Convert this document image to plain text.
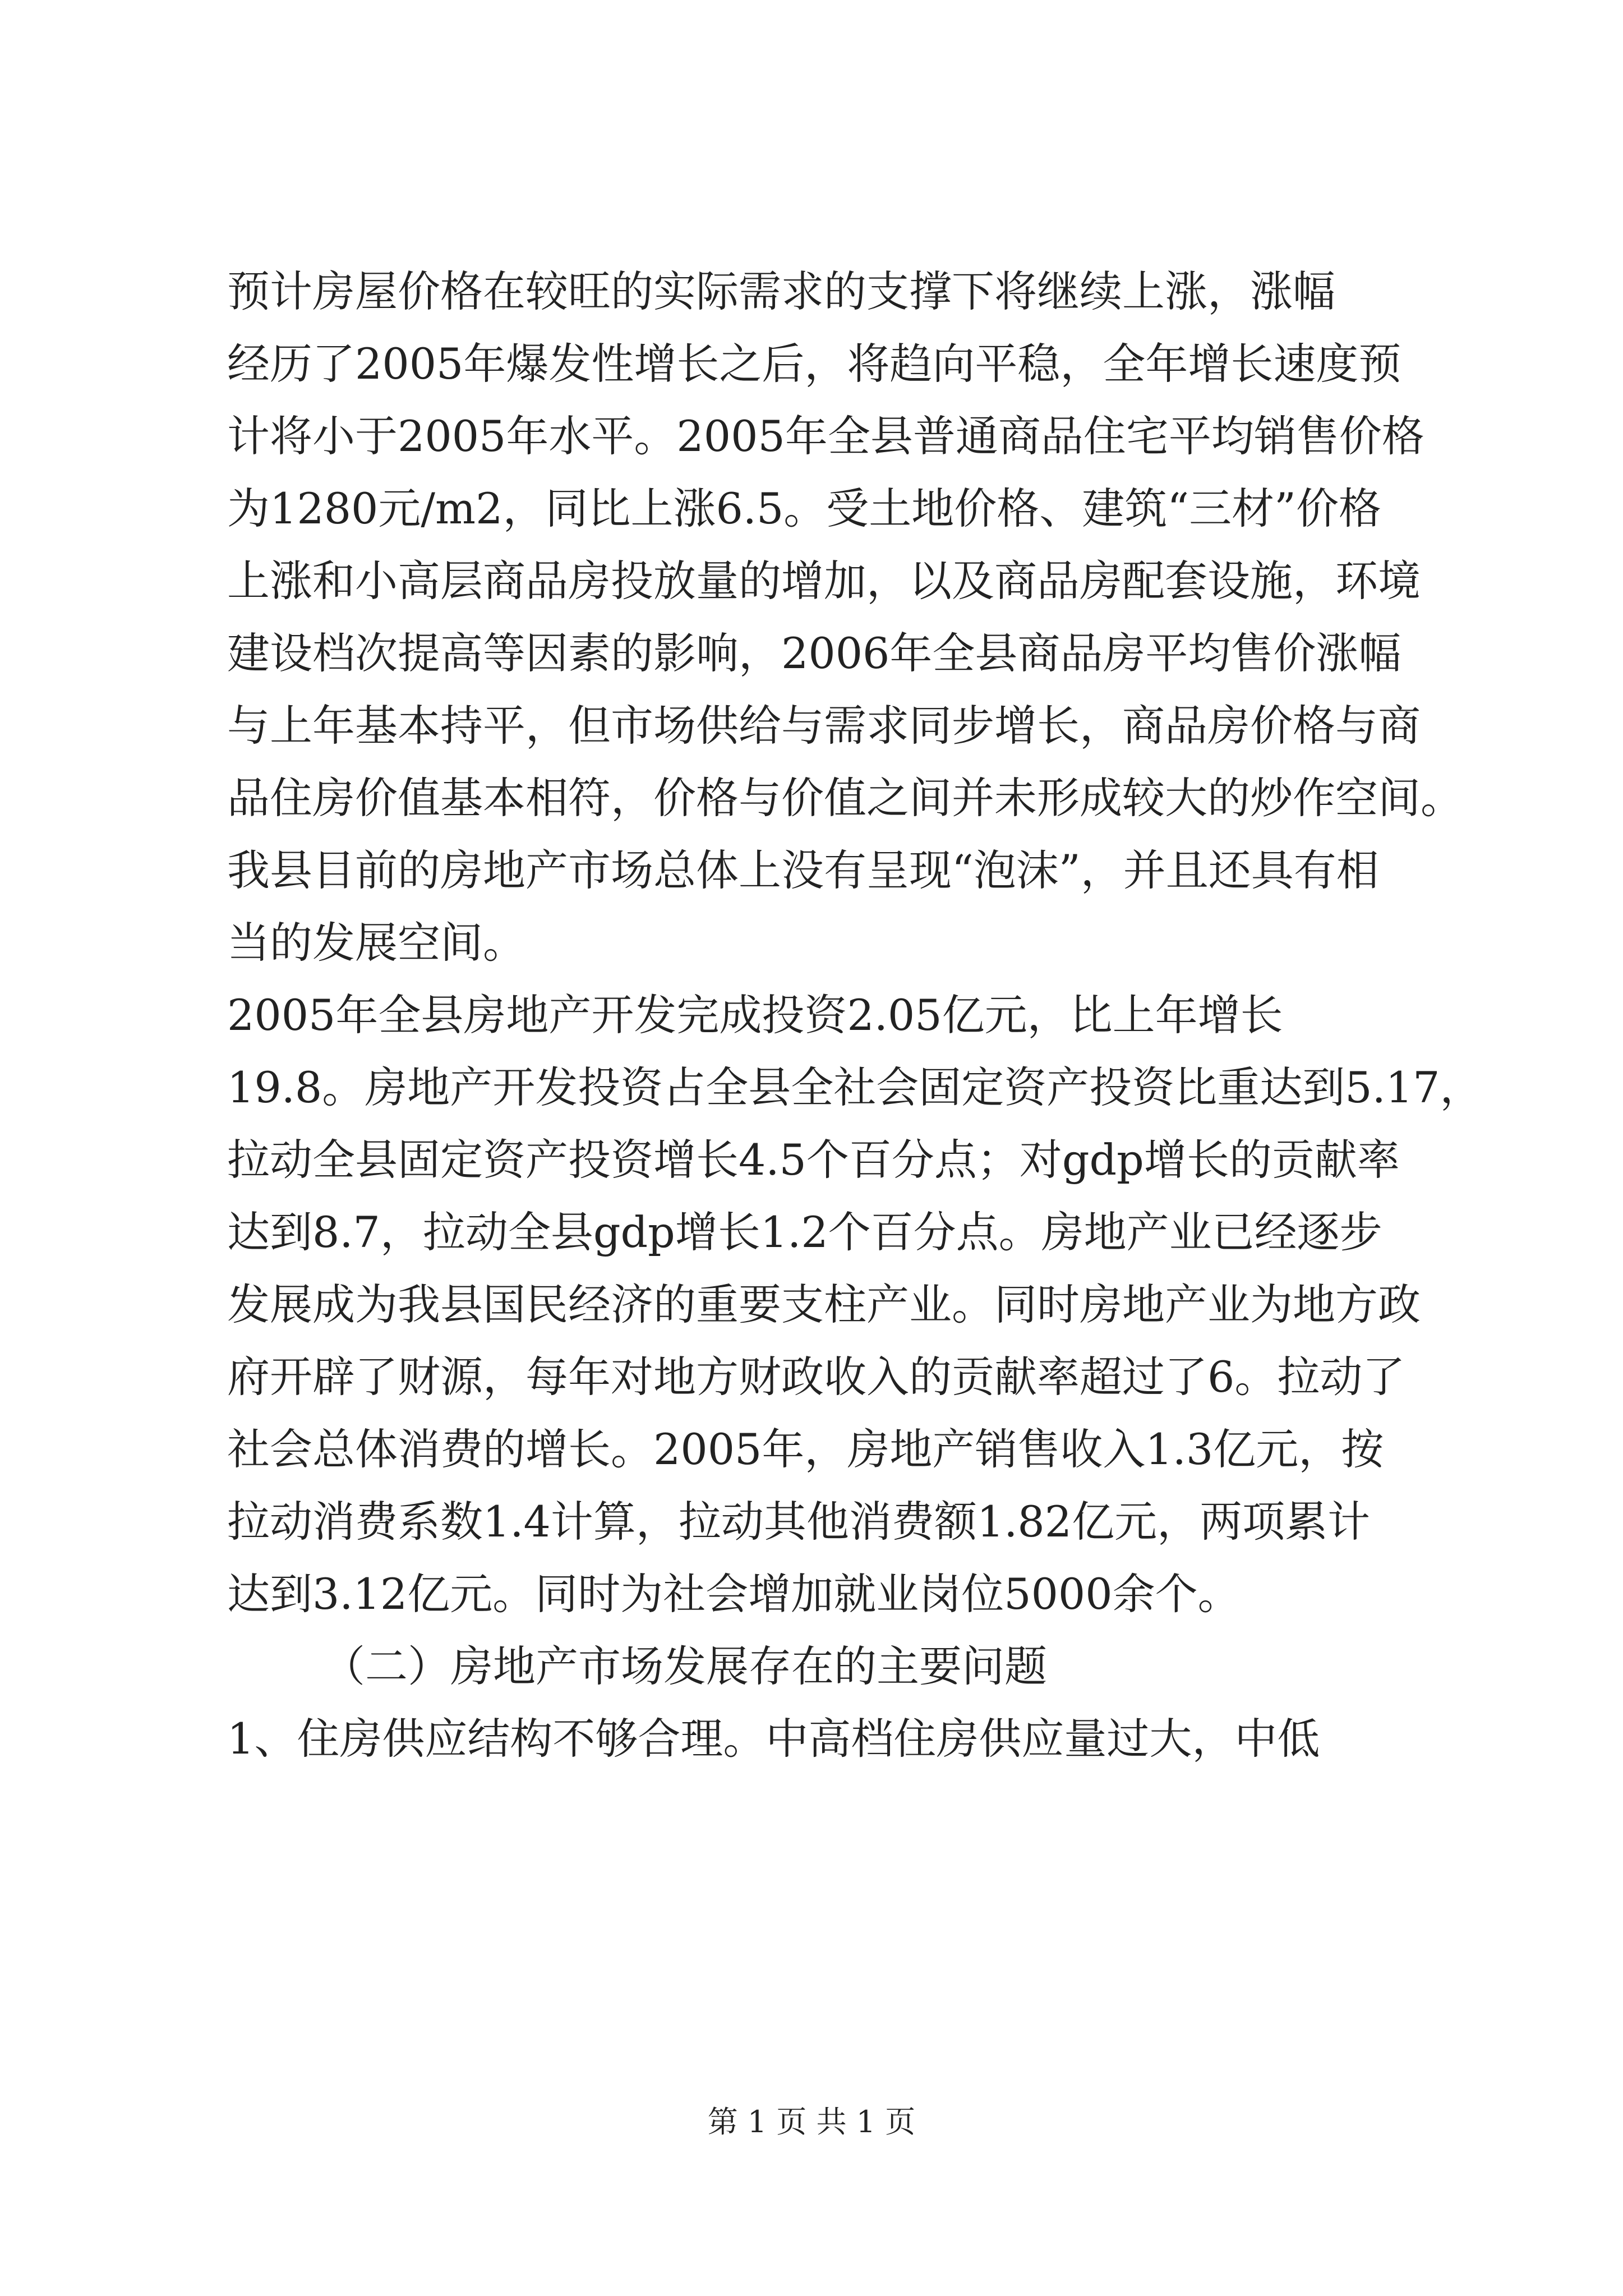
预计房屋价格在较旺的实际需求的支撑下将继续上涨，涨幅
经历了2005年爆发性增长之后，将趋向平稳，全年增长速度预
计将小于2005年水平。2005年全县普通商品住宅平均销售价格
为1280元/m2，同比上涨6.5。受土地价格、建筑“三材”价格
上涨和小高层商品房投放量的增加，以及商品房配套设施，环境
建设档次提高等因素的影响，2006年全县商品房平均售价涨幅
与上年基本持平，但市场供给与需求同步增长，商品房价格与商
品住房价值基本相符，价格与价值之间并未形成较大的炒作空间。
我县目前的房地产市场总体上没有呈现“泡沫”，并且还具有相
当的发展空间。
2005年全县房地产开发完成投资2.05亿元，比上年增长
19.8。房地产开发投资占全县全社会固定资产投资比重达到5.17，
拉动全县固定资产投资增长4.5个百分点；对gdp增长的贡献率
达到8.7，拉动全县gdp增长1.2个百分点。房地产业已经逐步
发展成为我县国民经济的重要支柱产业。同时房地产业为地方政
府开辟了财源，每年对地方财政收入的贡献率超过了6。拉动了
社会总体消费的增长。2005年，房地产销售收入1.3亿元，按
拉动消费系数1.4计算，拉动其他消费额1.82亿元，两项累计
达到3.12亿元。同时为社会增加就业岗位5000余个。
（二）房地产市场发展存在的主要问题
1、住房供应结构不够合理。中高档住房供应量过大，中低
第 1 页 共 1 页
